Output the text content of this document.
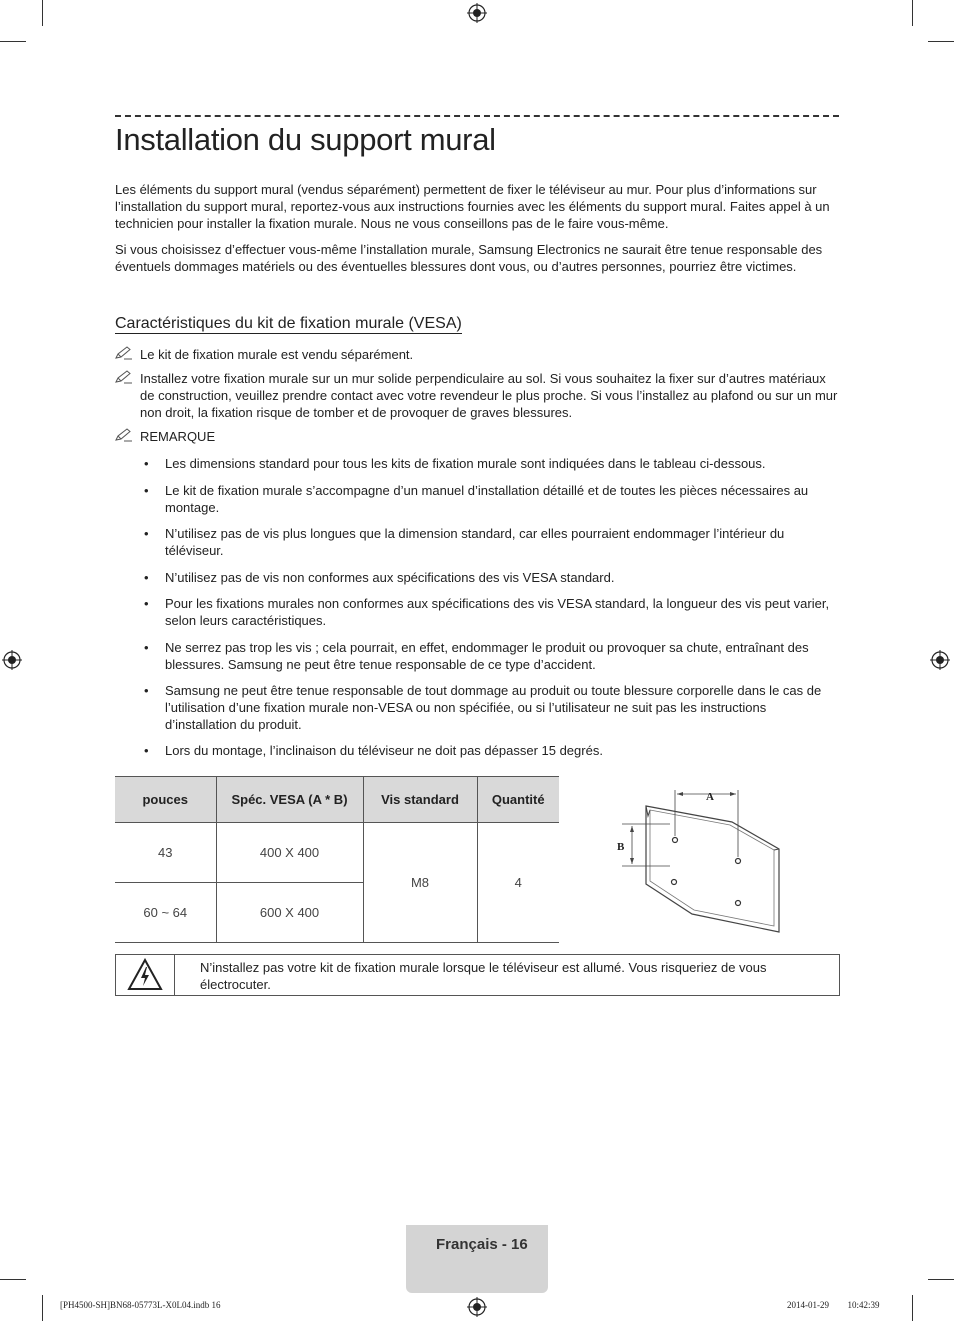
Installation du support mural

Les éléments du support mural (vendus séparément) permettent de fixer le téléviseur au mur. Pour plus d’informations sur l’installation du support mural, reportez-vous aux instructions fournies avec les éléments du support mural. Faites appel à un technicien pour installer la fixation murale. Nous ne vous conseillons pas de le faire vous-même.

Si vous choisissez d’effectuer vous-même l’installation murale, Samsung Electronics ne saurait être tenue responsable des éventuels dommages matériels ou des éventuelles blessures dont vous, ou d’autres personnes, pourriez être victimes.

Caractéristiques du kit de fixation murale (VESA)
Le kit de fixation murale est vendu séparément.
Installez votre fixation murale sur un mur solide perpendiculaire au sol. Si vous souhaitez la fixer sur d’autres matériaux de construction, veuillez prendre contact avec votre revendeur le plus proche. Si vous l’installez au plafond ou sur un mur non droit, la fixation risque de tomber et de provoquer de graves blessures.
REMARQUE
• Les dimensions standard pour tous les kits de fixation murale sont indiquées dans le tableau ci-dessous.
• Le kit de fixation murale s’accompagne d’un manuel d’installation détaillé et de toutes les pièces nécessaires au montage.
• N’utilisez pas de vis plus longues que la dimension standard, car elles pourraient endommager l’intérieur du téléviseur.
• N’utilisez pas de vis non conformes aux spécifications des vis VESA standard.
• Pour les fixations murales non conformes aux spécifications des vis VESA standard, la longueur des vis peut varier, selon leurs caractéristiques.
• Ne serrez pas trop les vis ; cela pourrait, en effet, endommager le produit ou provoquer sa chute, entraînant des blessures. Samsung ne peut être tenue responsable de ce type d’accident.
• Samsung ne peut être tenue responsable de tout dommage au produit ou toute blessure corporelle dans le cas de l’utilisation d’une fixation murale non-VESA ou non spécifiée, ou si l’utilisateur ne suit pas les instructions d’installation du produit.
• Lors du montage, l’inclinaison du téléviseur ne doit pas dépasser 15 degrés.
pouces	Spéc. VESA (A * B)	Vis standard	Quantité
43	400 X 400	M8	4
60 ~ 64	600 X 400		
A
B
N’installez pas votre kit de fixation murale lorsque le téléviseur est allumé. Vous risqueriez de vous électrocuter.
Français - 16
[PH4500-SH]BN68-05773L-X0L04.indb 16	2014-01-29 ￿￿ 10:42:39
